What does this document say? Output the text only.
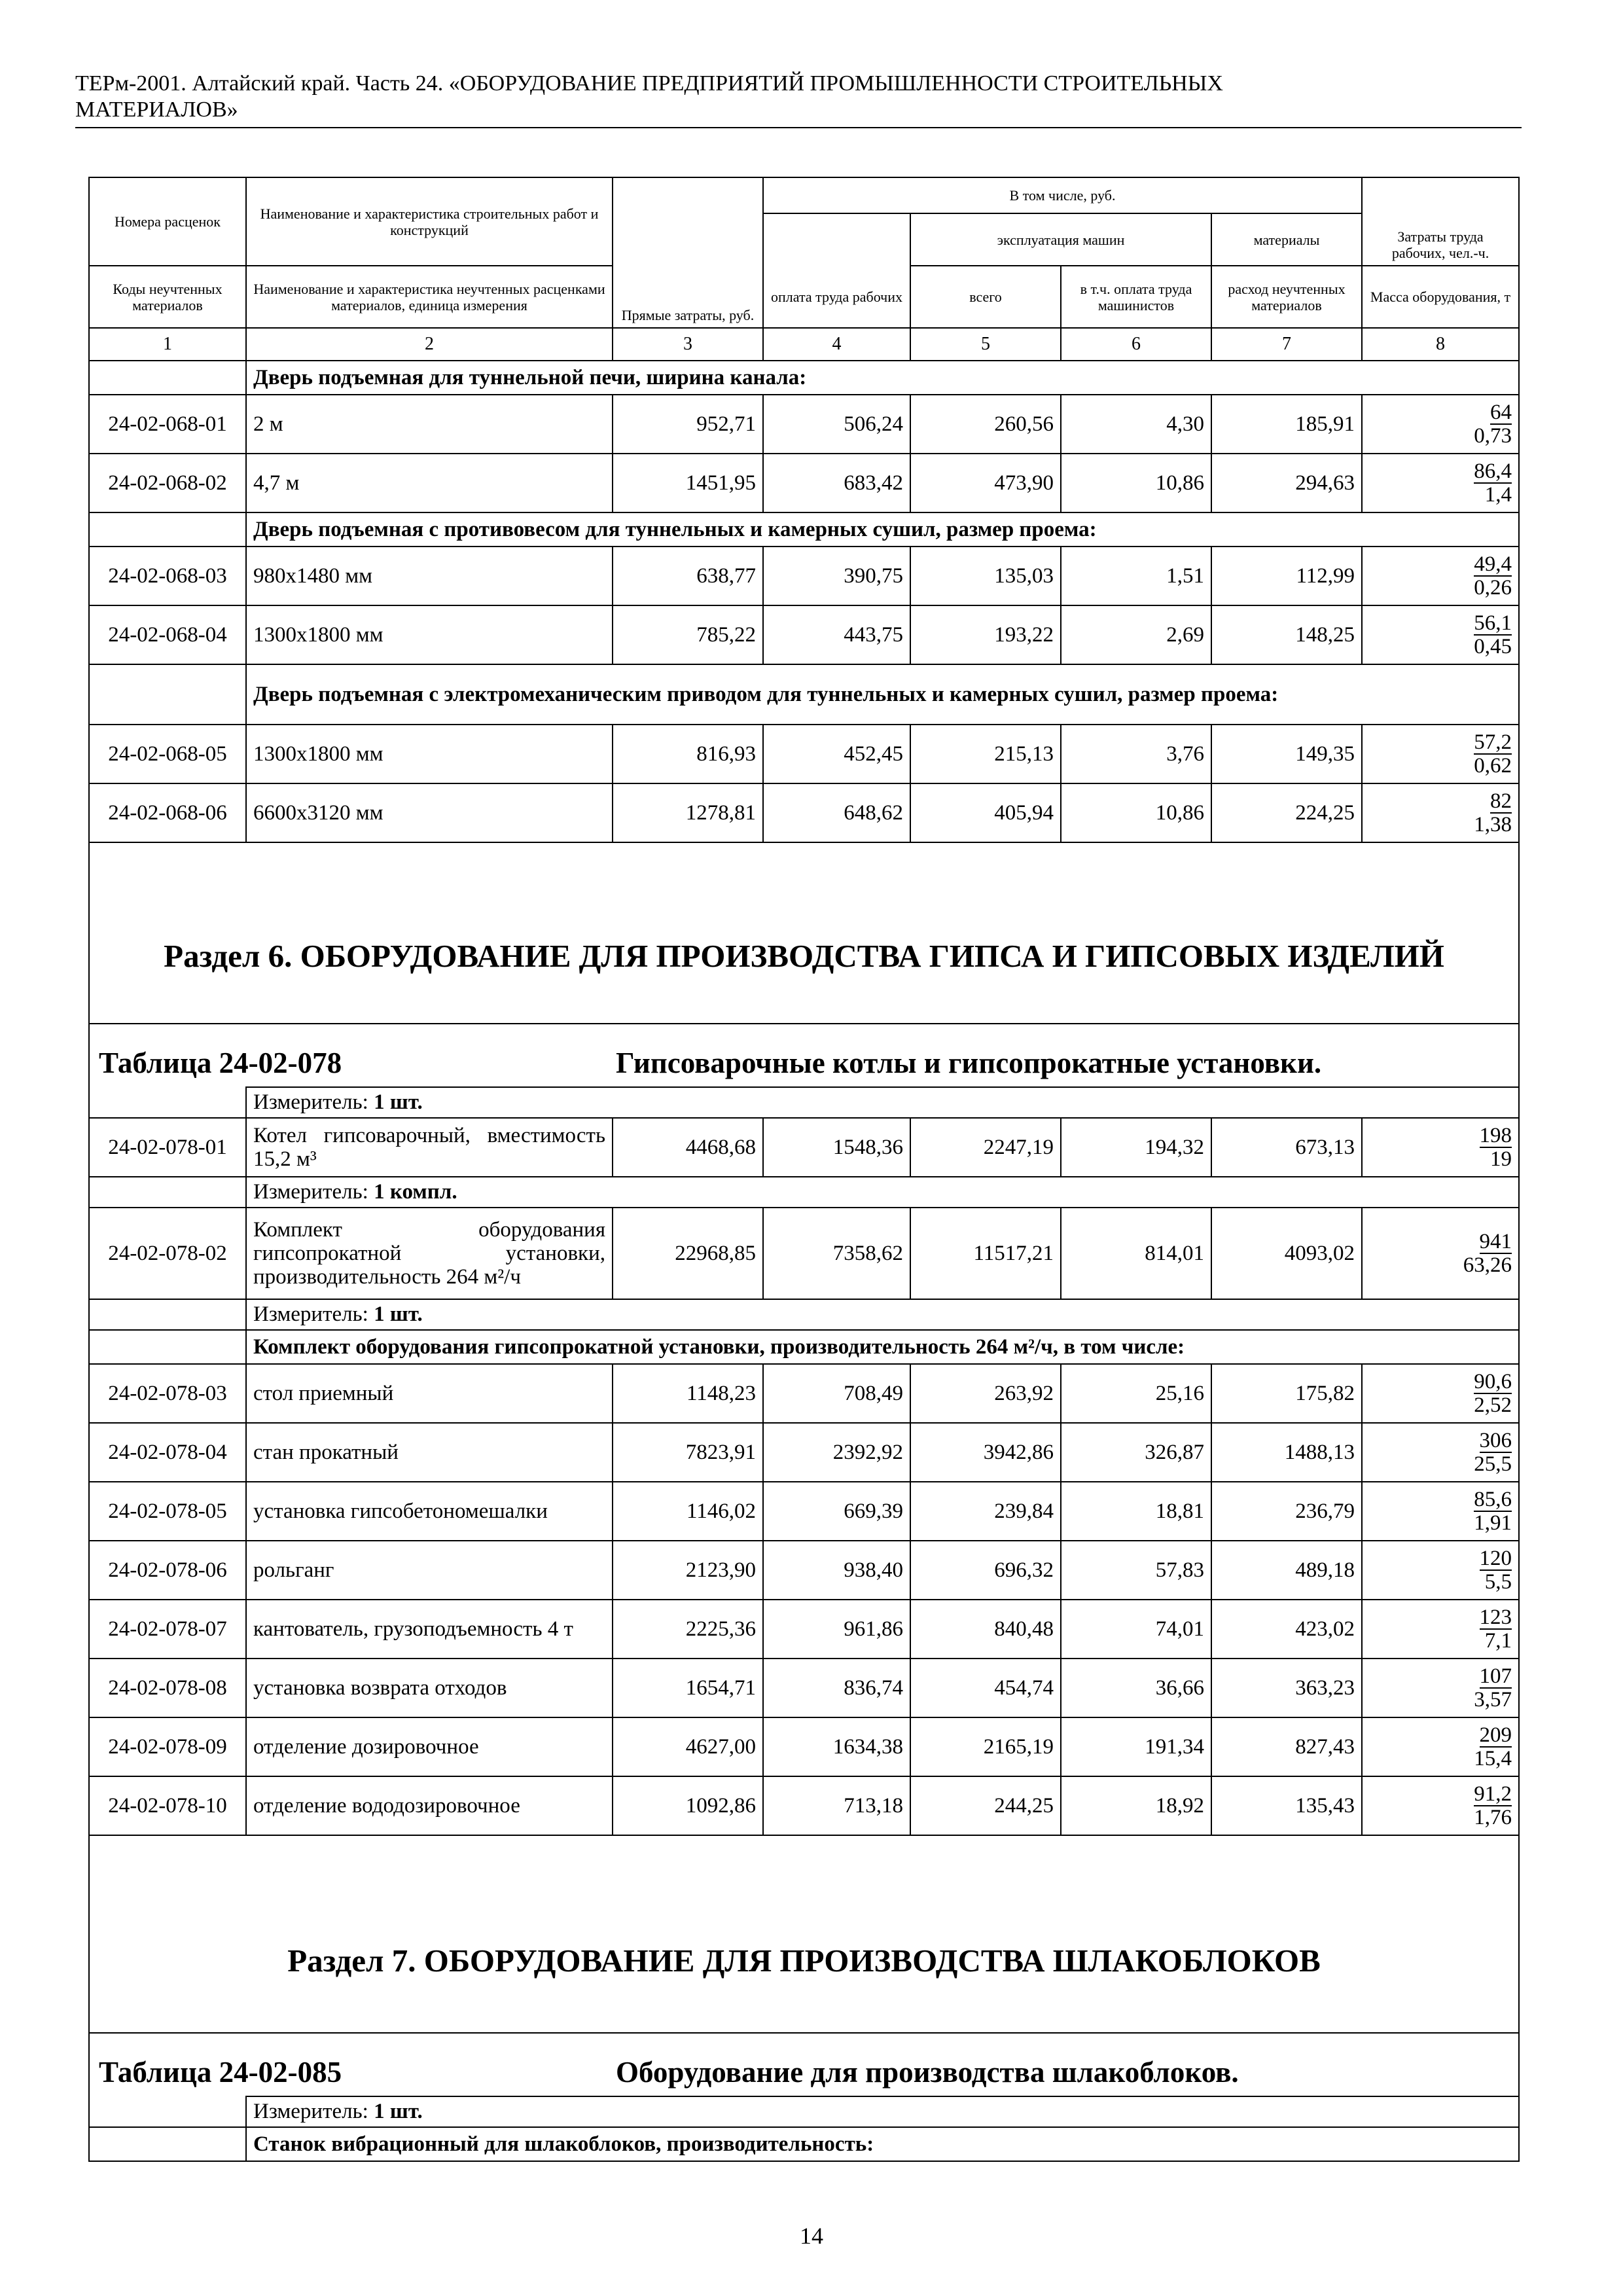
ТЕРм-2001. Алтайский край. Часть 24. «ОБОРУДОВАНИЕ ПРЕДПРИЯТИЙ ПРОМЫШЛЕННОСТИ СТРОИТЕЛЬНЫХ
МАТЕРИАЛОВ»
Номера расценок	Наименование и характеристика строительных работ и конструкций	Прямые затраты, руб.	В том числе, руб.				Затраты труда рабочих, чел.-ч.
				эксплуатация машин		материалы	
Коды неучтенных материалов	Наименование и характеристика неучтенных расценками материалов, единица измерения		оплата труда рабочих	всего	в т.ч. оплата труда машинистов	расход неучтенных материалов	Масса оборудования, т
1	2	3	4	5	6	7	8
	Дверь подъемная для туннельной печи, ширина канала:						
24-02-068-01	2 м	952,71	506,24	260,56	4,30	185,91	64
0,73
24-02-068-02	4,7 м	1451,95	683,42	473,90	10,86	294,63	86,4
1,4
	Дверь подъемная с противовесом для туннельных и камерных сушил, размер проема:						
24-02-068-03	980х1480 мм	638,77	390,75	135,03	1,51	112,99	49,4
0,26
24-02-068-04	1300х1800 мм	785,22	443,75	193,22	2,69	148,25	56,1
0,45
	Дверь подъемная с электромеханическим приводом для туннельных и камерных сушил, размер проема:						
24-02-068-05	1300х1800 мм	816,93	452,45	215,13	3,76	149,35	57,2
0,62
24-02-068-06	6600х3120 мм	1278,81	648,62	405,94	10,86	224,25	82
1,38
Раздел 6. ОБОРУДОВАНИЕ ДЛЯ ПРОИЗВОДСТВА ГИПСА И ГИПСОВЫХ ИЗДЕЛИЙ							
Таблица 24-02-078 Гипсоварочные котлы и гипсопрокатные установки.							
	Измеритель: 1 шт.						
24-02-078-01	Котел гипсоварочный, вместимость 15,2 м³	4468,68	1548,36	2247,19	194,32	673,13	198
19
	Измеритель: 1 компл.						
24-02-078-02	Комплект оборудования гипсопрокатной установки, производительность 264 м²/ч	22968,85	7358,62	11517,21	814,01	4093,02	941
63,26
	Измеритель: 1 шт.						
	Комплект оборудования гипсопрокатной установки, производительность 264 м²/ч, в том числе:						
24-02-078-03	стол приемный	1148,23	708,49	263,92	25,16	175,82	90,6
2,52
24-02-078-04	стан прокатный	7823,91	2392,92	3942,86	326,87	1488,13	306
25,5
24-02-078-05	установка гипсобетономешалки	1146,02	669,39	239,84	18,81	236,79	85,6
1,91
24-02-078-06	рольганг	2123,90	938,40	696,32	57,83	489,18	120
5,5
24-02-078-07	кантователь, грузоподъемность 4 т	2225,36	961,86	840,48	74,01	423,02	123
7,1
24-02-078-08	установка возврата отходов	1654,71	836,74	454,74	36,66	363,23	107
3,57
24-02-078-09	отделение дозировочное	4627,00	1634,38	2165,19	191,34	827,43	209
15,4
24-02-078-10	отделение вододозировочное	1092,86	713,18	244,25	18,92	135,43	91,2
1,76
Раздел 7. ОБОРУДОВАНИЕ ДЛЯ ПРОИЗВОДСТВА ШЛАКОБЛОКОВ							
Таблица 24-02-085 Оборудование для производства шлакоблоков.							
	Измеритель: 1 шт.						
	Станок вибрационный для шлакоблоков, производительность:						
14
